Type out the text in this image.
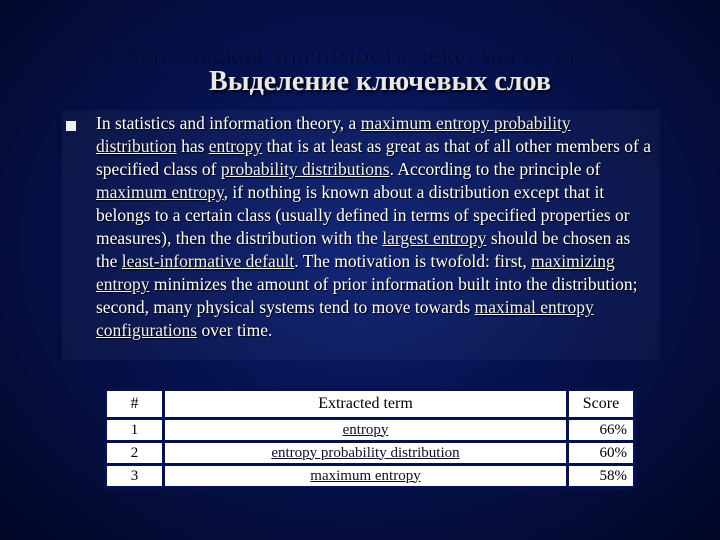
Тематическая значимость лексемы в тексте
Выделение ключевых слов
In statistics and information theory, a maximum entropy probability distribution has entropy that is at least as great as that of all other members of a specified class of probability distributions. According to the principle of maximum entropy, if nothing is known about a distribution except that it belongs to a certain class (usually defined in terms of specified properties or measures), then the distribution with the largest entropy should be chosen as the least-informative default. The motivation is twofold: first, maximizing entropy minimizes the amount of prior information built into the distribution; second, many physical systems tend to move towards maximal entropy configurations over time.
#	Extracted term	Score
1	entropy	66%
2	entropy probability distribution	60%
3	maximum entropy	58%
